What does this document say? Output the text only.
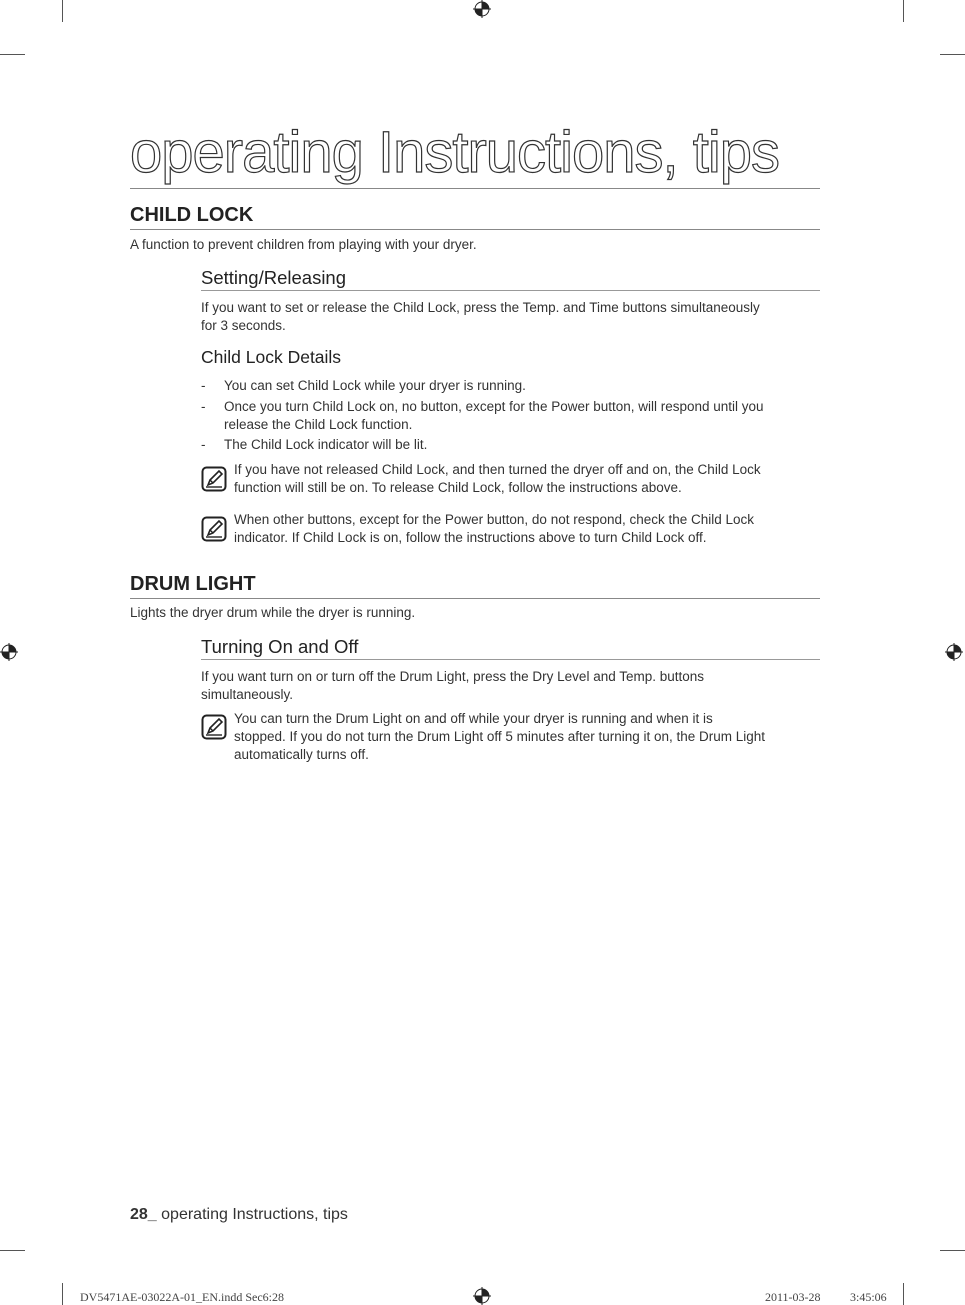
operating Instructions, tips
CHILD LOCK
A function to prevent children from playing with your dryer.
Setting/Releasing
If you want to set or release the Child Lock, press the Temp. and Time buttons simultaneously
for 3 seconds.
Child Lock Details
- You can set Child Lock while your dryer is running.
- Once you turn Child Lock on, no button, except for the Power button, will respond until you
release the Child Lock function.
- The Child Lock indicator will be lit.
If you have not released Child Lock, and then turned the dryer off and on, the Child Lock
function will still be on. To release Child Lock, follow the instructions above.
When other buttons, except for the Power button, do not respond, check the Child Lock
indicator. If Child Lock is on, follow the instructions above to turn Child Lock off.
DRUM LIGHT
Lights the dryer drum while the dryer is running.
Turning On and Off
If you want turn on or turn off the Drum Light, press the Dry Level and Temp. buttons
simultaneously.
You can turn the Drum Light on and off while your dryer is running and when it is
stopped. If you do not turn the Drum Light off 5 minutes after turning it on, the Drum Light
automatically turns off.
28_ operating Instructions, tips
DV5471AE-03022A-01_EN.indd Sec6:28	2011-03-28 3:45:06
